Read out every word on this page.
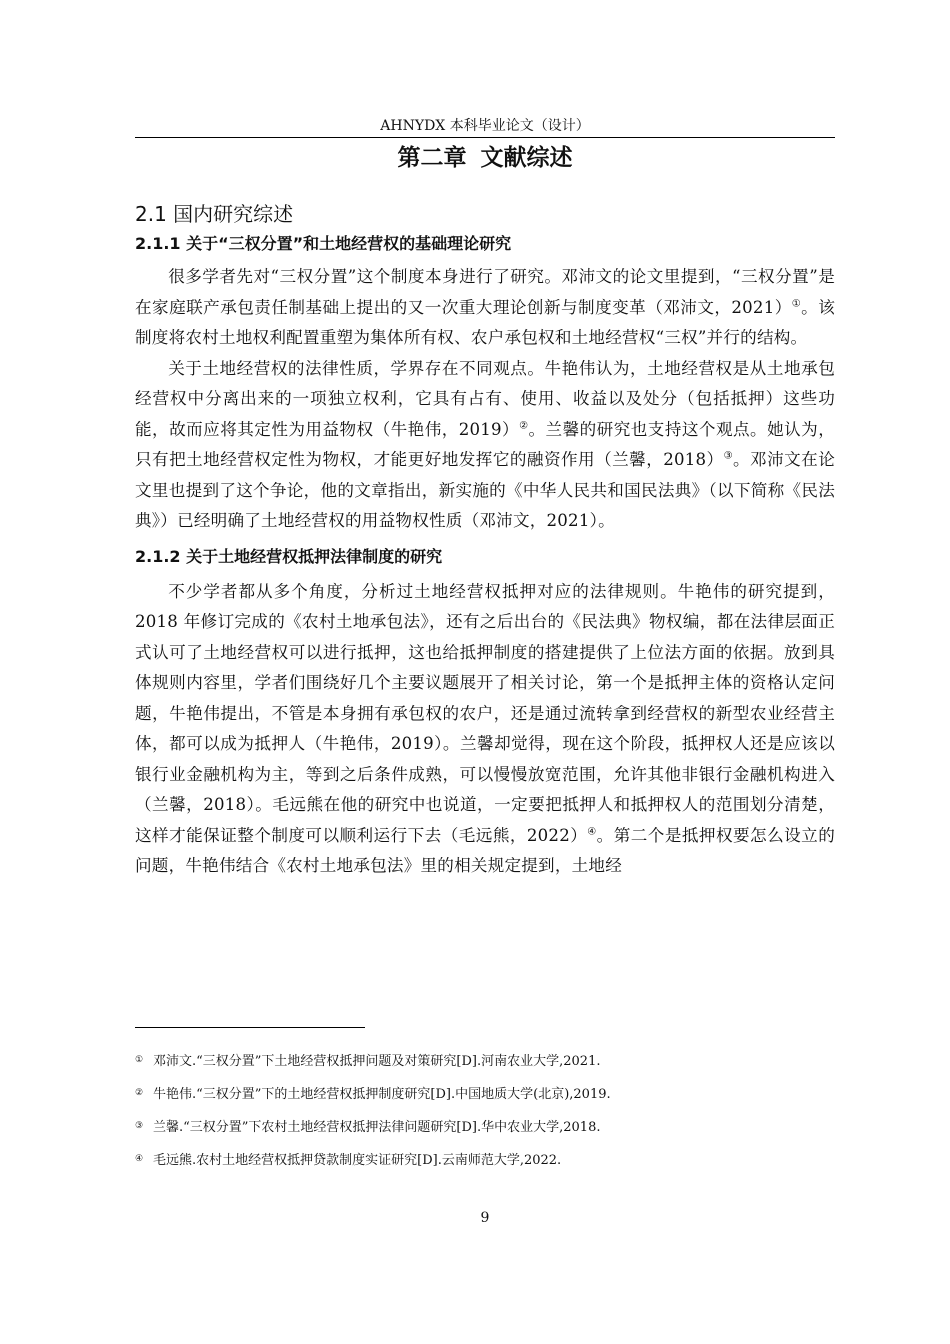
AHNYDX 本科毕业论文（设计）
第二章 文献综述
2.1 国内研究综述
2.1.1 关于“三权分置”和土地经营权的基础理论研究

很多学者先对“三权分置”这个制度本身进行了研究。邓沛文的论文里提到，“三权分置”是在家庭联产承包责任制基础上提出的又一次重大理论创新与制度变革（邓沛文，2021）①。该制度将农村土地权利配置重塑为集体所有权、农户承包权和土地经营权“三权”并行的结构。

关于土地经营权的法律性质，学界存在不同观点。牛艳伟认为，土地经营权是从土地承包经营权中分离出来的一项独立权利，它具有占有、使用、收益以及处分（包括抵押）这些功能，故而应将其定性为用益物权（牛艳伟，2019）②。兰馨的研究也支持这个观点。她认为，只有把土地经营权定性为物权，才能更好地发挥它的融资作用（兰馨，2018）③。邓沛文在论文里也提到了这个争论，他的文章指出，新实施的《中华人民共和国民法典》（以下简称《民法典》）已经明确了土地经营权的用益物权性质（邓沛文，2021）。

2.1.2 关于土地经营权抵押法律制度的研究

不少学者都从多个角度，分析过土地经营权抵押对应的法律规则。牛艳伟的研究提到，2018 年修订完成的《农村土地承包法》，还有之后出台的《民法典》物权编，都在法律层面正式认可了土地经营权可以进行抵押，这也给抵押制度的搭建提供了上位法方面的依据。放到具体规则内容里，学者们围绕好几个主要议题展开了相关讨论，第一个是抵押主体的资格认定问题，牛艳伟提出，不管是本身拥有承包权的农户，还是通过流转拿到经营权的新型农业经营主体，都可以成为抵押人（牛艳伟，2019）。兰馨却觉得，现在这个阶段，抵押权人还是应该以银行业金融机构为主，等到之后条件成熟，可以慢慢放宽范围，允许其他非银行金融机构进入（兰馨，2018）。毛远熊在他的研究中也说道，一定要把抵押人和抵押权人的范围划分清楚，这样才能保证整个制度可以顺利运行下去（毛远熊，2022）④。第二个是抵押权要怎么设立的问题，牛艳伟结合《农村土地承包法》里的相关规定提到，土地经

① 邓沛文.“三权分置”下土地经营权抵押问题及对策研究[D].河南农业大学,2021.
② 牛艳伟.“三权分置”下的土地经营权抵押制度研究[D].中国地质大学(北京),2019.
③ 兰馨.“三权分置”下农村土地经营权抵押法律问题研究[D].华中农业大学,2018.
④ 毛远熊.农村土地经营权抵押贷款制度实证研究[D].云南师范大学,2022.
9
